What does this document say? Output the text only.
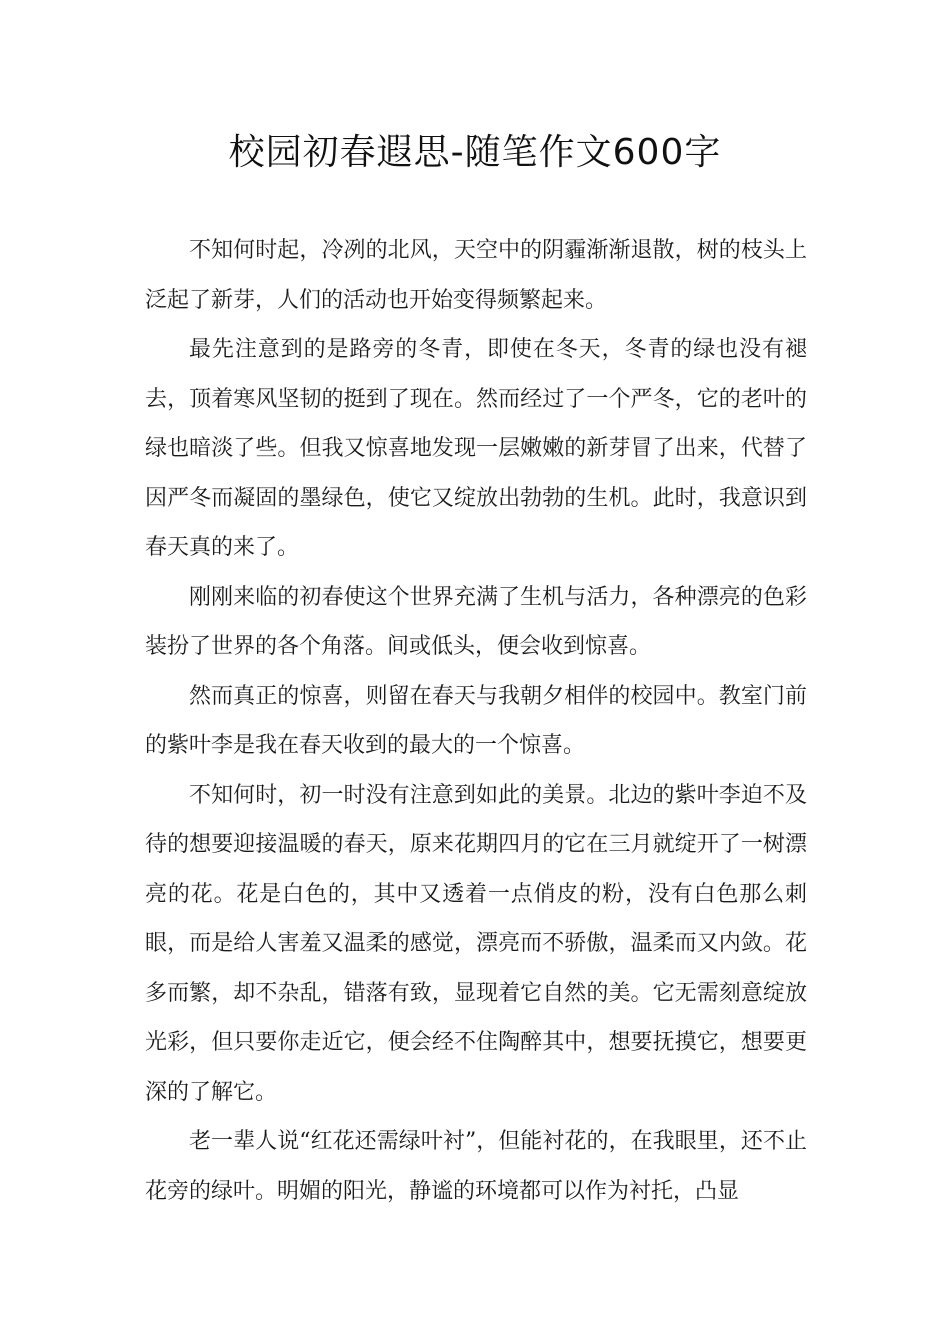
校园初春遐思-随笔作文600字

不知何时起，冷冽的北风，天空中的阴霾渐渐退散，树的枝头上泛起了新芽，人们的活动也开始变得频繁起来。

最先注意到的是路旁的冬青，即使在冬天，冬青的绿也没有褪去，顶着寒风坚韧的挺到了现在。然而经过了一个严冬，它的老叶的绿也暗淡了些。但我又惊喜地发现一层嫩嫩的新芽冒了出来，代替了因严冬而凝固的墨绿色，使它又绽放出勃勃的生机。此时，我意识到春天真的来了。

刚刚来临的初春使这个世界充满了生机与活力，各种漂亮的色彩装扮了世界的各个角落。间或低头，便会收到惊喜。

然而真正的惊喜，则留在春天与我朝夕相伴的校园中。教室门前的紫叶李是我在春天收到的最大的一个惊喜。

不知何时，初一时没有注意到如此的美景。北边的紫叶李迫不及待的想要迎接温暖的春天，原来花期四月的它在三月就绽开了一树漂亮的花。花是白色的，其中又透着一点俏皮的粉，没有白色那么刺眼，而是给人害羞又温柔的感觉，漂亮而不骄傲，温柔而又内敛。花多而繁，却不杂乱，错落有致，显现着它自然的美。它无需刻意绽放光彩，但只要你走近它，便会经不住陶醉其中，想要抚摸它，想要更深的了解它。

老一辈人说“红花还需绿叶衬”，但能衬花的，在我眼里，还不止花旁的绿叶。明媚的阳光，静谧的环境都可以作为衬托，凸显
